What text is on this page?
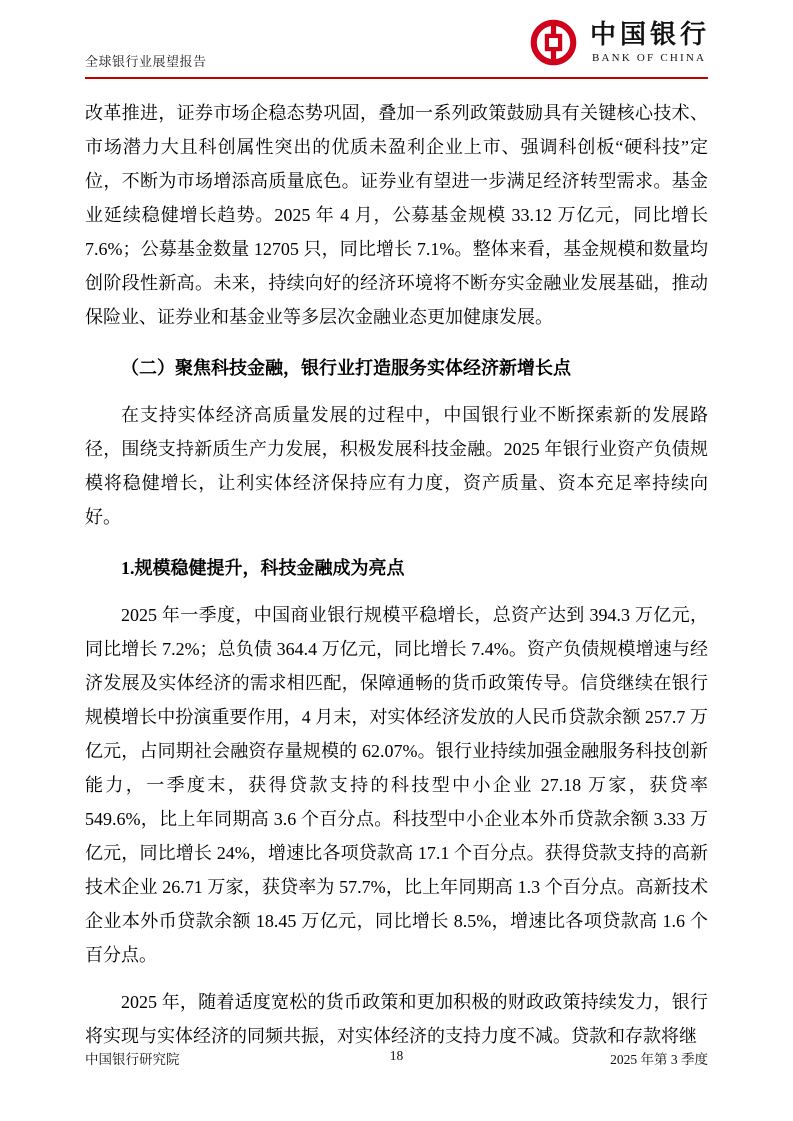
全球银行业展望报告
中国银行
BANK OF CHINA

改革推进，证券市场企稳态势巩固，叠加一系列政策鼓励具有关键核心技术、市场潜力大且科创属性突出的优质未盈利企业上市、强调科创板“硬科技”定位，不断为市场增添高质量底色。证券业有望进一步满足经济转型需求。基金业延续稳健增长趋势。2025 年 4 月，公募基金规模 33.12 万亿元，同比增长 7.6%；公募基金数量 12705 只，同比增长 7.1%。整体来看，基金规模和数量均创阶段性新高。未来，持续向好的经济环境将不断夯实金融业发展基础，推动保险业、证券业和基金业等多层次金融业态更加健康发展。

（二）聚焦科技金融，银行业打造服务实体经济新增长点

在支持实体经济高质量发展的过程中，中国银行业不断探索新的发展路径，围绕支持新质生产力发展，积极发展科技金融。2025 年银行业资产负债规模将稳健增长，让利实体经济保持应有力度，资产质量、资本充足率持续向好。

1.规模稳健提升，科技金融成为亮点

2025 年一季度，中国商业银行规模平稳增长，总资产达到 394.3 万亿元，同比增长 7.2%；总负债 364.4 万亿元，同比增长 7.4%。资产负债规模增速与经济发展及实体经济的需求相匹配，保障通畅的货币政策传导。信贷继续在银行规模增长中扮演重要作用，4 月末，对实体经济发放的人民币贷款余额 257.7 万亿元，占同期社会融资存量规模的 62.07%。银行业持续加强金融服务科技创新能力，一季度末，获得贷款支持的科技型中小企业 27.18 万家，获贷率 549.6%，比上年同期高 3.6 个百分点。科技型中小企业本外币贷款余额 3.33 万亿元，同比增长 24%，增速比各项贷款高 17.1 个百分点。获得贷款支持的高新技术企业 26.71 万家，获贷率为 57.7%，比上年同期高 1.3 个百分点。高新技术企业本外币贷款余额 18.45 万亿元，同比增长 8.5%，增速比各项贷款高 1.6 个百分点。

2025 年，随着适度宽松的货币政策和更加积极的财政政策持续发力，银行将实现与实体经济的同频共振，对实体经济的支持力度不减。贷款和存款将继

中国银行研究院	18	2025 年第 3 季度
